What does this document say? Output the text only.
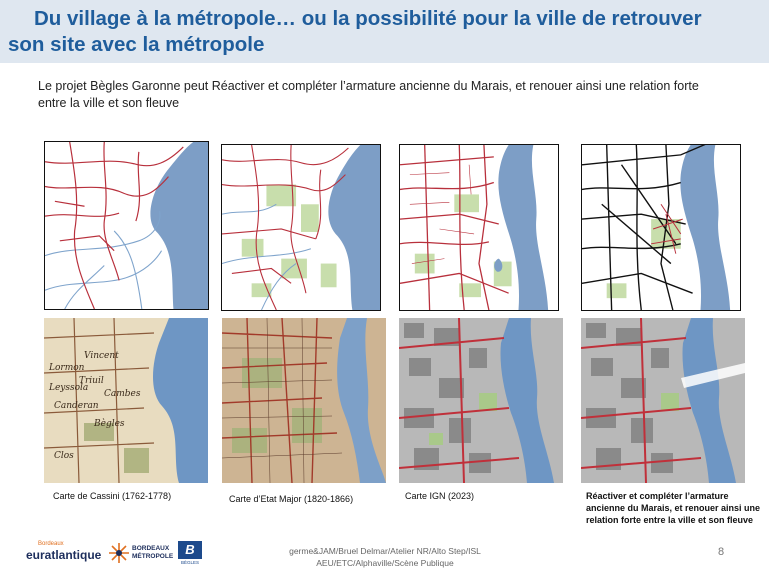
Du village à la métropole… ou la possibilité pour la ville de retrouver
son site avec la métropole

Le projet Bègles Garonne peut Réactiver et compléter l’armature ancienne du Marais, et renouer ainsi une relation forte entre la ville et son fleuve

Vincent
Lormon
Triuil
Cambes
Canderan
Bègles
Leyssola
Clos

Carte de Cassini (1762-1778)	Carte d’Etat Major (1820-1866)	Carte IGN (2023)	Réactiver et compléter l’armature ancienne du Marais, et renouer ainsi une relation forte entre la ville et son fleuve

Bordeaux
euratlantique	BORDEAUX
MÉTROPOLE B
BÈGLES

germe&JAM/Bruel Delmar/Atelier NR/Alto Step/ISL
AEU/ETC/Alphaville/Scène Publique

8
